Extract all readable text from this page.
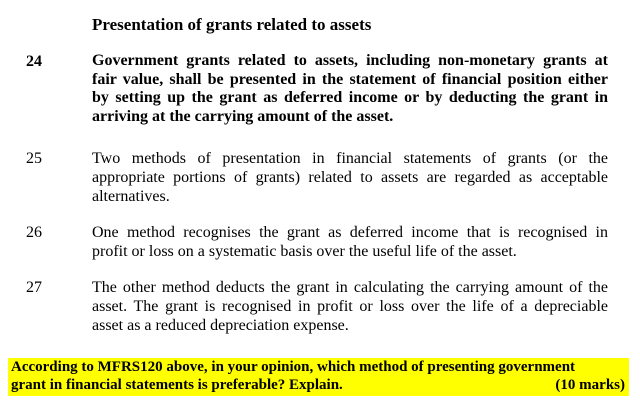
Presentation of grants related to assets
24	Government grants related to assets, including non-monetary grants at
fair value, shall be presented in the statement of financial position either
by setting up the grant as deferred income or by deducting the grant in
arriving at the carrying amount of the asset.
25	Two methods of presentation in financial statements of grants (or the
appropriate portions of grants) related to assets are regarded as acceptable
alternatives.
26	One method recognises the grant as deferred income that is recognised in
profit or loss on a systematic basis over the useful life of the asset.
27	The other method deducts the grant in calculating the carrying amount of the
asset. The grant is recognised in profit or loss over the life of a depreciable
asset as a reduced depreciation expense.
According to MFRS120 above, in your opinion, which method of presenting government
grant in financial statements is preferable? Explain.	(10 marks)
